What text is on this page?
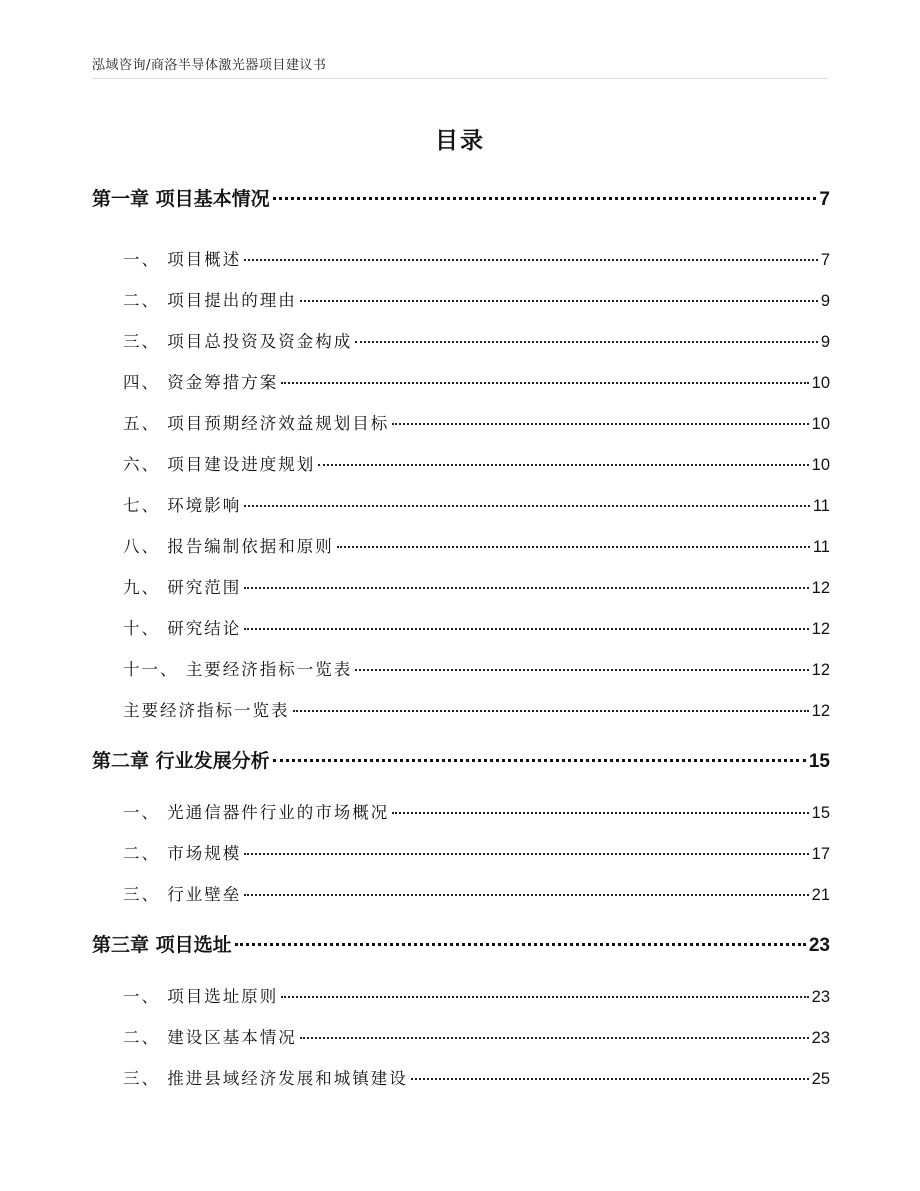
泓域咨询/商洛半导体激光器项目建议书
目录
第一章 项目基本情况	7
一、 项目概述	7
二、 项目提出的理由	9
三、 项目总投资及资金构成	9
四、 资金筹措方案	10
五、 项目预期经济效益规划目标	10
六、 项目建设进度规划	10
七、 环境影响	11
八、 报告编制依据和原则	11
九、 研究范围	12
十、 研究结论	12
十一、 主要经济指标一览表	12
主要经济指标一览表	12
第二章 行业发展分析	15
一、 光通信器件行业的市场概况	15
二、 市场规模	17
三、 行业壁垒	21
第三章 项目选址	23
一、 项目选址原则	23
二、 建设区基本情况	23
三、 推进县域经济发展和城镇建设	25
